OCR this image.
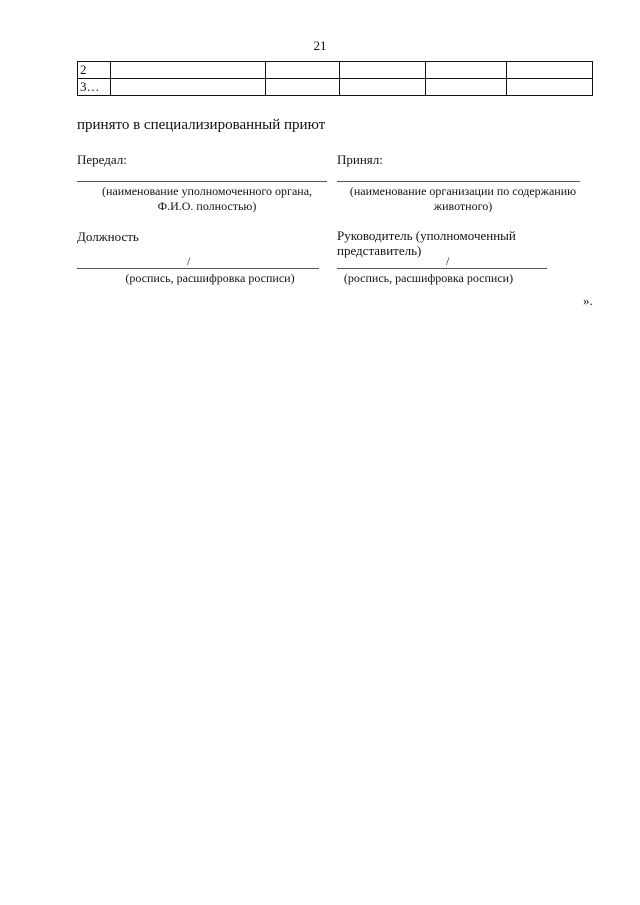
21
2					
3…					
принято в специализированный приют
Передал:
(наименование уполномоченного органа,
Ф.И.О. полностью)
Должность
/
(роспись, расшифровка росписи)
Принял:
(наименование организации по содержанию
животного)
Руководитель (уполномоченный
представитель)
/
(роспись, расшифровка росписи)
».
